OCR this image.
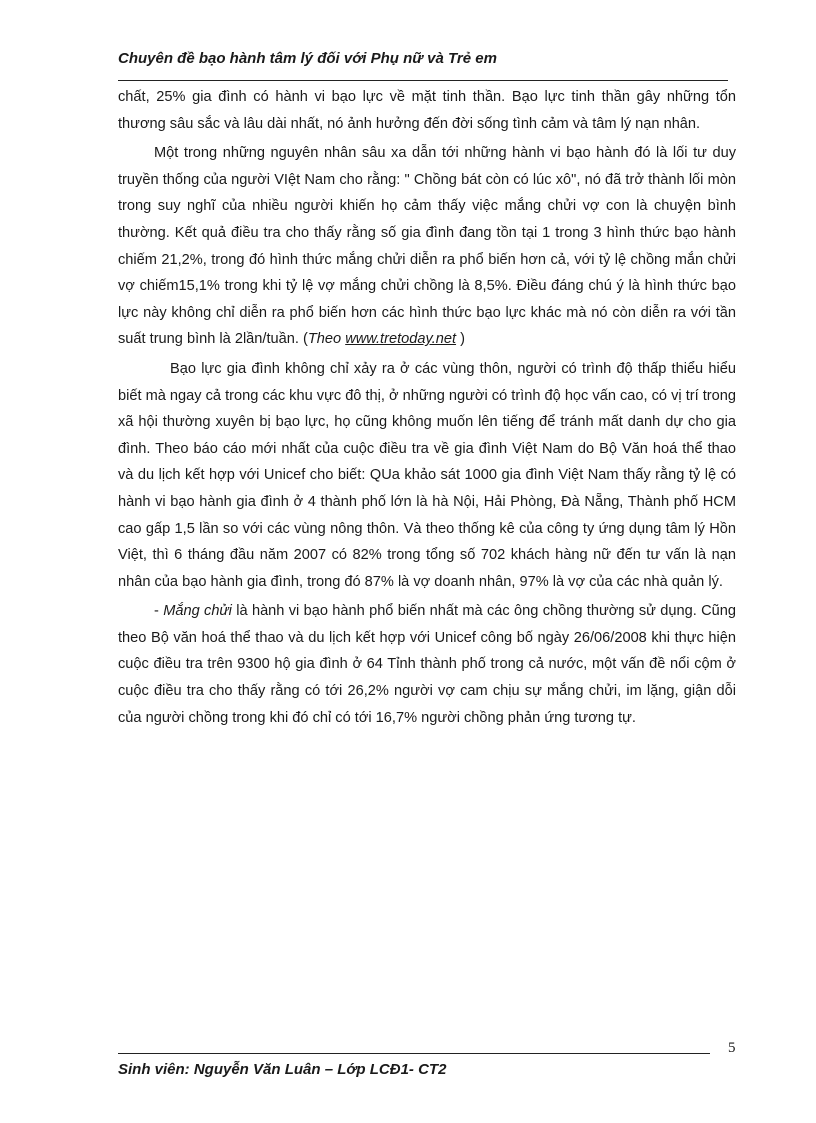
Chuyên đề bạo hành tâm lý đối với Phụ nữ và Trẻ em

chất, 25% gia đình có hành vi bạo lực về mặt tinh thần. Bạo lực tinh thần gây những tổn thương sâu sắc và lâu dài nhất, nó ảnh hưởng đến đời sống tình cảm và tâm lý nạn nhân.

Một trong những nguyên nhân sâu xa dẫn tới những hành vi bạo hành đó là lối tư duy truyền thống của người VIệt Nam cho rằng: " Chồng bát còn có lúc xô", nó đã trở thành lối mòn trong suy nghĩ của nhiều người khiến họ cảm thấy việc mắng chửi vợ con là chuyện bình thường. Kết quả điều tra cho thấy rằng số gia đình đang tồn tại 1 trong 3 hình thức bạo hành chiếm 21,2%, trong đó hình thức mắng chửi diễn ra phổ biến hơn cả, với tỷ lệ chồng mắn chửi vợ chiếm15,1% trong khi tỷ lệ vợ mắng chửi chồng là 8,5%. Điều đáng chú ý là hình thức bạo lực này không chỉ diễn ra phổ biến hơn các hình thức bạo lực khác mà nó còn diễn ra với tần suất trung bình là 2lần/tuần. (Theo www.tretoday.net )

Bạo lực gia đình không chỉ xảy ra ở các vùng thôn, người có trình độ thấp thiểu hiểu biết mà ngay cả trong các khu vực đô thị, ở những người có trình độ học vấn cao, có vị trí trong xã hội thường xuyên bị bạo lực, họ cũng không muốn lên tiếng để tránh mất danh dự cho gia đình. Theo báo cáo mới nhất của cuộc điều tra về gia đình Việt Nam do Bộ Văn hoá thể thao và du lịch kết hợp với Unicef cho biết: QUa khảo sát 1000 gia đình Việt Nam thấy rằng tỷ lệ có hành vi bạo hành gia đình ở 4 thành phố lớn là hà Nội, Hải Phòng, Đà Nẵng, Thành phố HCM cao gấp 1,5 lần so với các vùng nông thôn. Và theo thống kê của công ty ứng dụng tâm lý Hồn Việt, thì 6 tháng đầu năm 2007 có 82% trong tổng số 702 khách hàng nữ đến tư vấn là nạn nhân của bạo hành gia đình, trong đó 87% là vợ doanh nhân, 97% là vợ của các nhà quản lý.

- Mắng chửi là hành vi bạo hành phổ biến nhất mà các ông chồng thường sử dụng. Cũng theo Bộ văn hoá thể thao và du lịch kết hợp với Unicef công bố ngày 26/06/2008 khi thực hiện cuộc điều tra trên 9300 hộ gia đình ở 64 Tỉnh thành phố trong cả nước, một vấn đề nổi cộm ở cuộc điều tra cho thấy rằng có tới 26,2% người vợ cam chịu sự mắng chửi, im lặng, giận dỗi của người chồng trong khi đó chỉ có tới 16,7% người chồng phản ứng tương tự.

5
Sinh viên: Nguyễn Văn Luân – Lớp LCĐ1- CT2
